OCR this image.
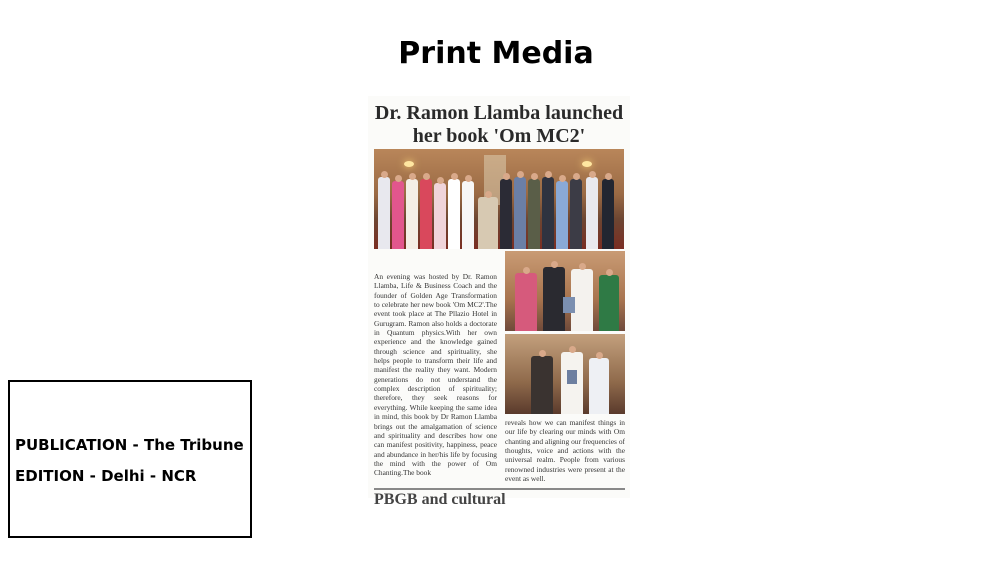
Print Media
Dr. Ramon Llamba launched
her book 'Om MC2'
An evening was hosted by Dr. Ramon Llamba, Life & Business Coach and the founder of Golden Age Transformation to celebrate her new book 'Om MC2'.The event took place at The Pllazio Hotel in Gurugram. Ramon also holds a doctorate in Quantum physics.With her own experience and the knowledge gained through science and spirituality, she helps people to transform their life and manifest the reality they want. Modern generations do not understand the complex description of spirituality; therefore, they seek reasons for everything. While keeping the same idea in mind, this book by Dr Ramon Llamba brings out the amalgamation of science and spirituality and describes how one can manifest positivity, happiness, peace and abundance in her/his life by focusing the mind with the power of Om Chanting.The book
reveals how we can manifest things in our life by clearing our minds with Om chanting and aligning our frequencies of thoughts, voice and actions with the universal realm. People from various renowned industries were present at the event as well.
PBGB and cultural
PUBLICATION - The Tribune
EDITION - Delhi - NCR
